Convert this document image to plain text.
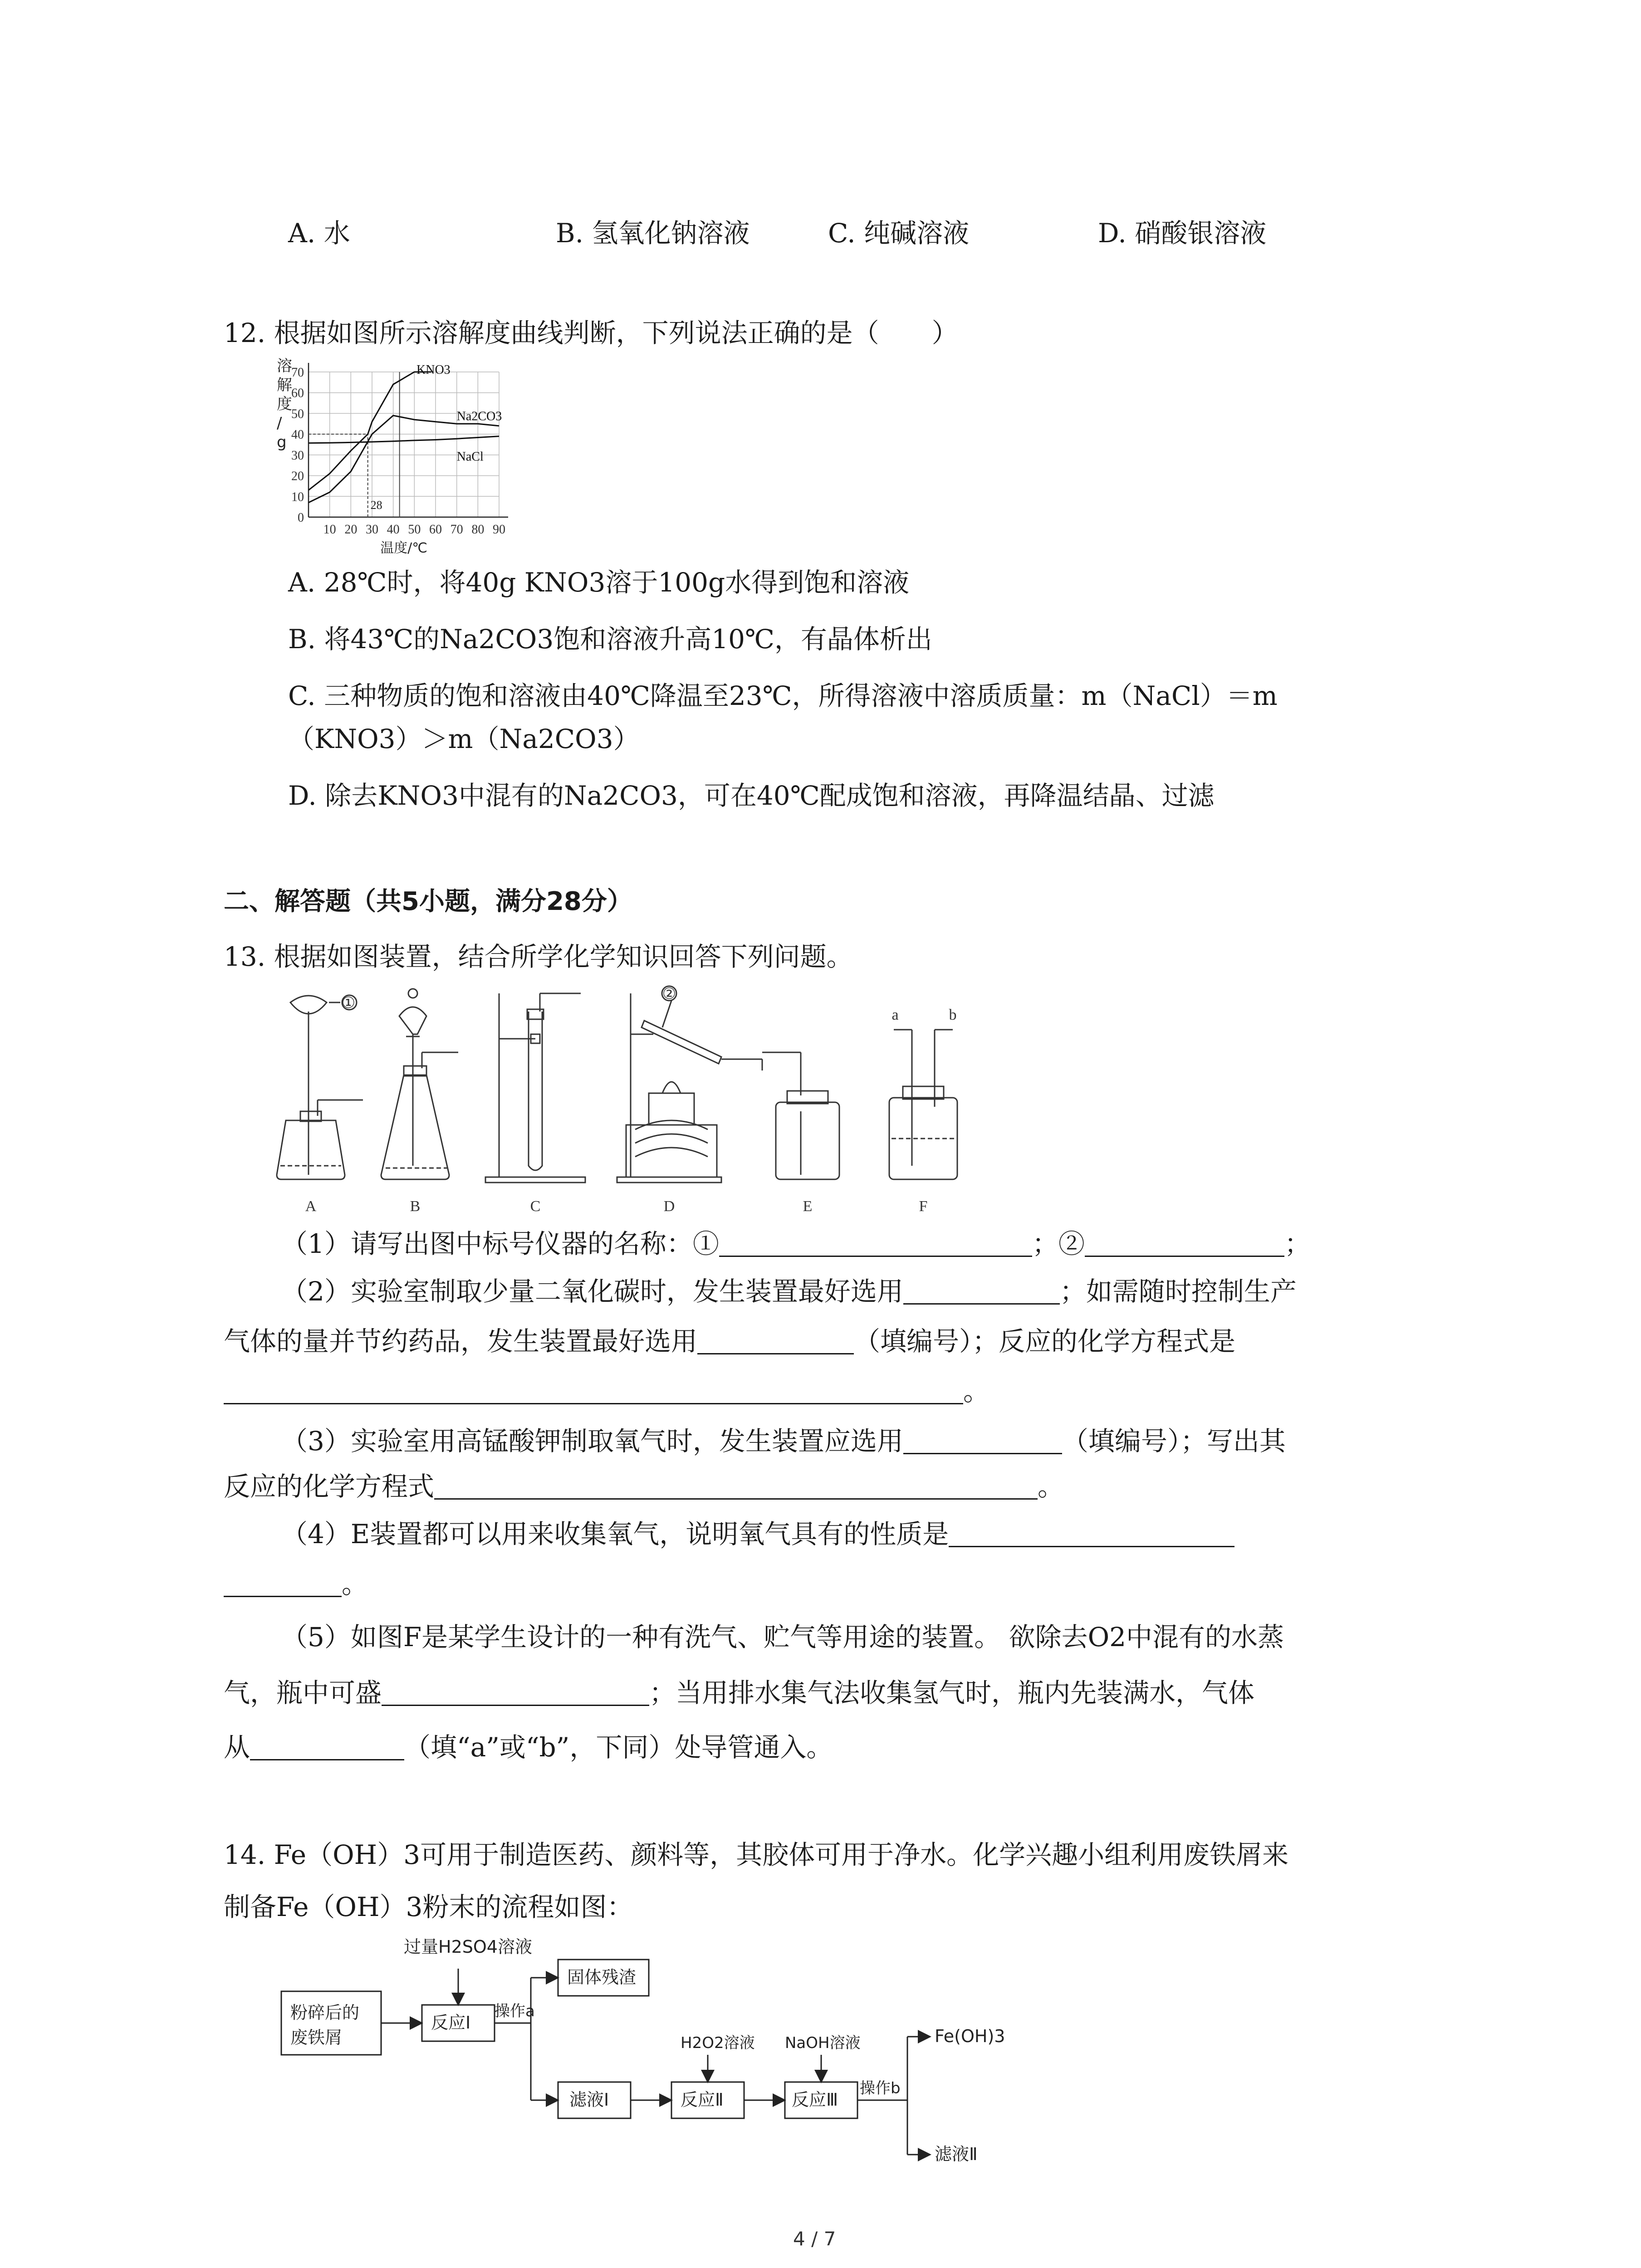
A. 水	B. 氢氧化钠溶液	C. 纯碱溶液	D. 硝酸银溶液
12. 根据如图所示溶解度曲线判断，下列说法正确的是（　　）
0
10
20
30
40
50
60
70
10 20 30 40 50 60 70 80 90
溶
解
度
/
g
温度/℃
28
KNO3
Na2CO3
NaCl
A. 28℃时，将40g KNO3溶于100g水得到饱和溶液
B. 将43℃的Na2CO3饱和溶液升高10℃，有晶体析出
C. 三种物质的饱和溶液由40℃降温至23℃，所得溶液中溶质质量：m（NaCl）＝m
（KNO3）＞m（Na2CO3）
D. 除去KNO3中混有的Na2CO3，可在40℃配成饱和溶液，再降温结晶、过滤
二、解答题（共5小题，满分28分）
13. 根据如图装置，结合所学化学知识回答下列问题。
①
②
a	b
A	B	C	D	E	F
（1）请写出图中标号仪器的名称：①	；②	；
（2）实验室制取少量二氧化碳时，发生装置最好选用	；如需随时控制生产
气体的量并节约药品，发生装置最好选用	（填编号）；反应的化学方程式是
。
（3）实验室用高锰酸钾制取氧气时，发生装置应选用	（填编号）；写出其
反应的化学方程式	。
（4）E装置都可以用来收集氧气，说明氧气具有的性质是
。
（5）如图F是某学生设计的一种有洗气、贮气等用途的装置。 欲除去O2中混有的水蒸
气，瓶中可盛	；当用排水集气法收集氢气时，瓶内先装满水，气体
从	（填“a”或“b”，下同）处导管通入。
14. Fe（OH）3可用于制造医药、颜料等，其胶体可用于净水。化学兴趣小组利用废铁屑来
制备Fe（OH）3粉末的流程如图：
过量H2SO4溶液
粉碎后的
废铁屑
反应Ⅰ
操作a
固体残渣
滤液Ⅰ
H2O2溶液
反应Ⅱ
NaOH溶液
反应Ⅲ
操作b
Fe(OH)3
滤液Ⅱ
4 / 7
